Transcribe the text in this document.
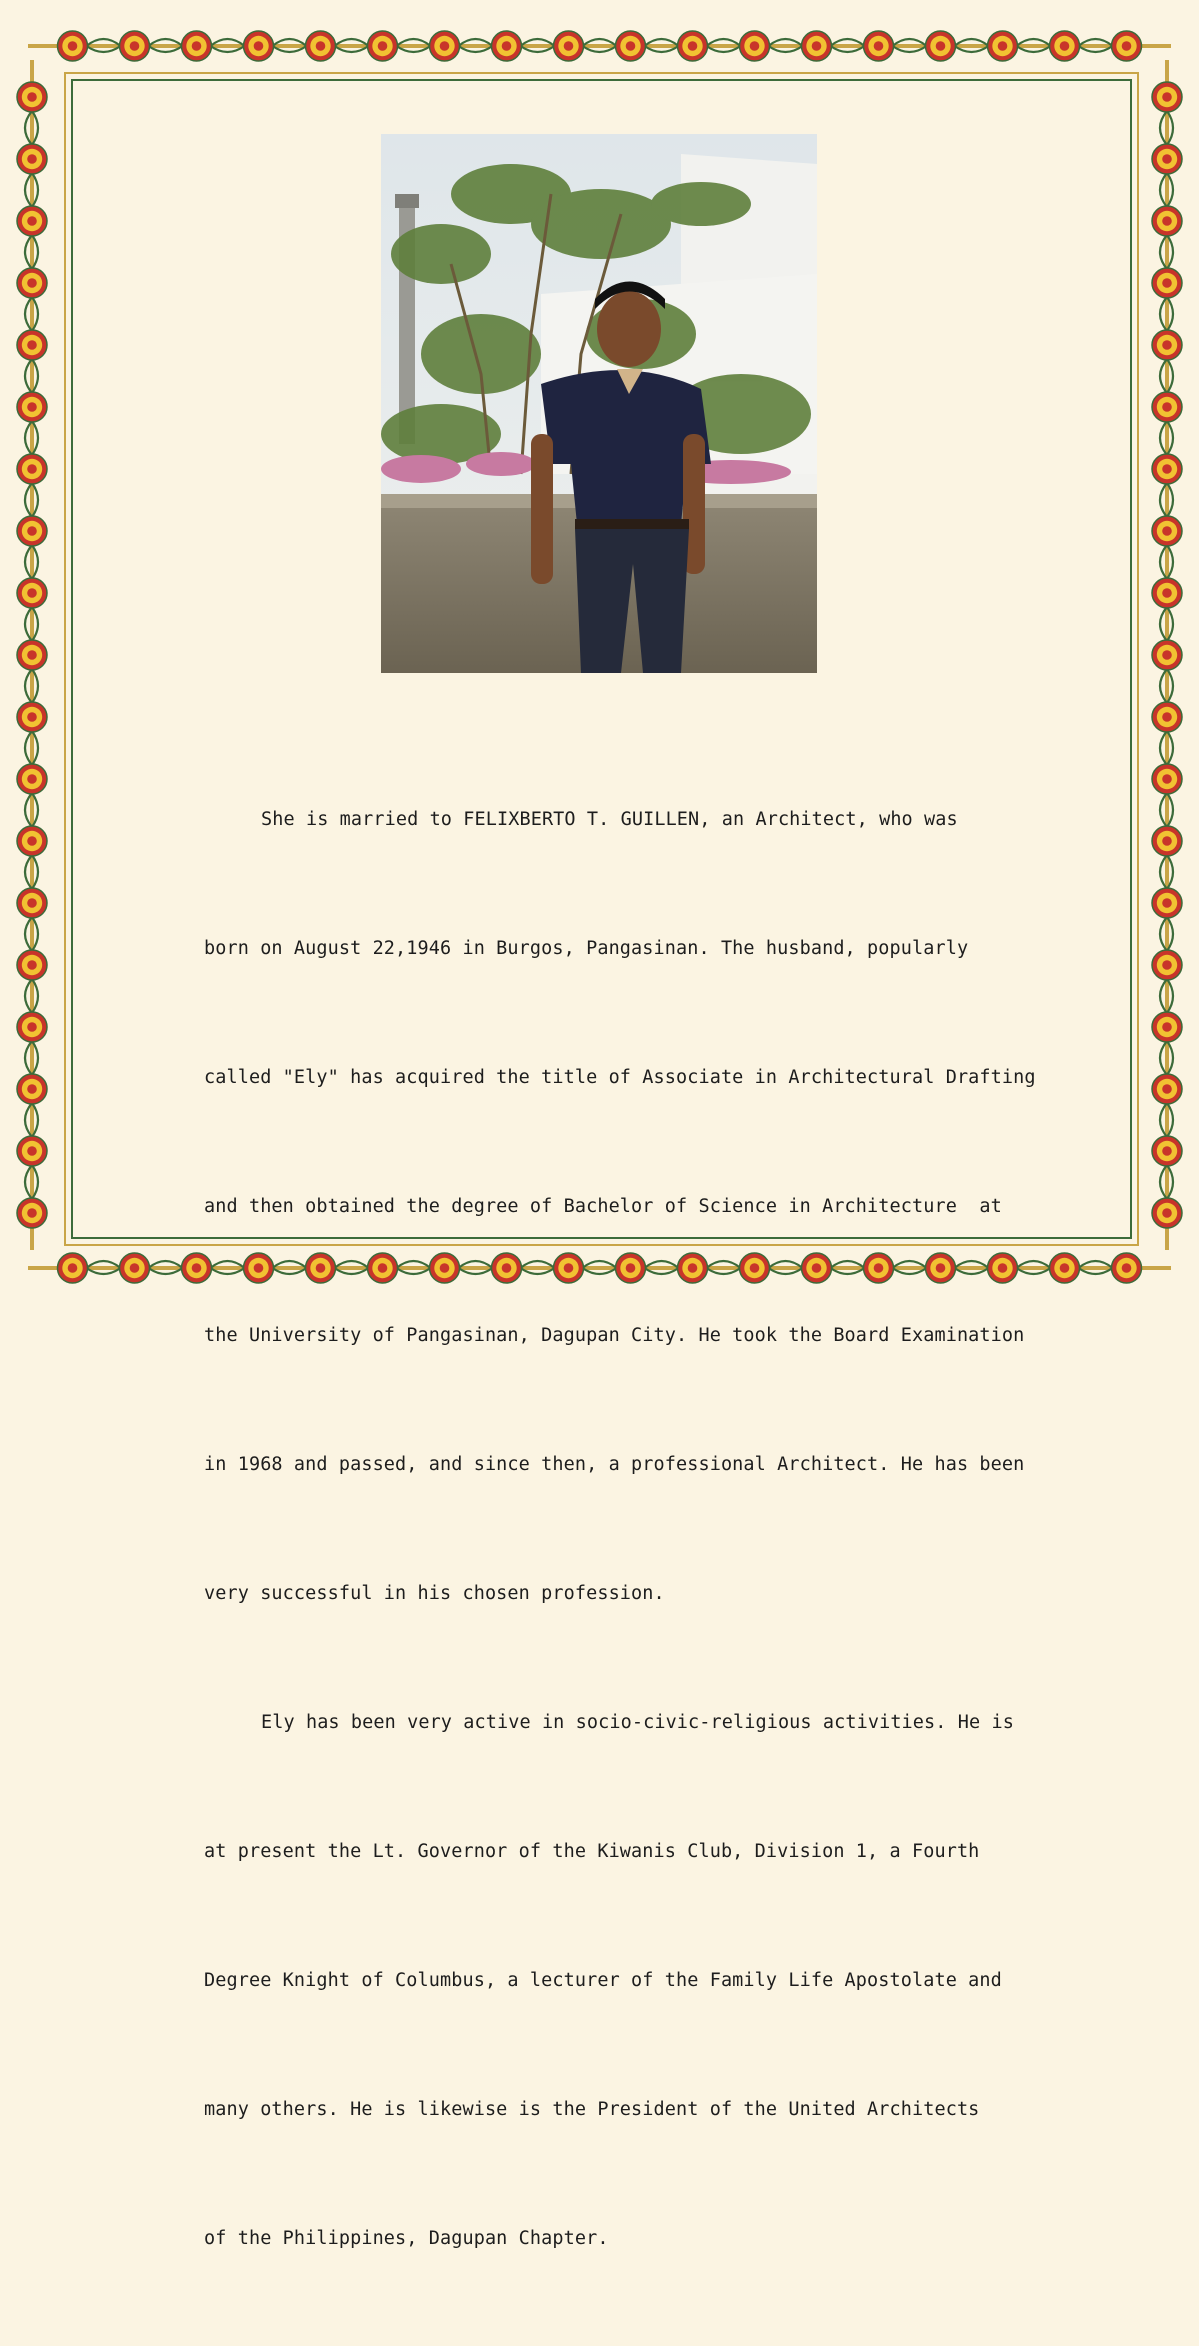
She is married to FELIXBERTO T. GUILLEN, an Architect, who was

born on August 22,1946 in Burgos, Pangasinan. The husband, popularly

called "Ely" has acquired the title of Associate in Architectural Drafting

and then obtained the degree of Bachelor of Science in Architecture  at

the University of Pangasinan, Dagupan City. He took the Board Examination

in 1968 and passed, and since then, a professional Architect. He has been

very successful in his chosen profession.

Ely has been very active in socio-civic-religious activities. He is

at present the Lt. Governor of the Kiwanis Club, Division 1, a Fourth

Degree Knight of Columbus, a lecturer of the Family Life Apostolate and

many others. He is likewise is the President of the United Architects

of the Philippines, Dagupan Chapter.
